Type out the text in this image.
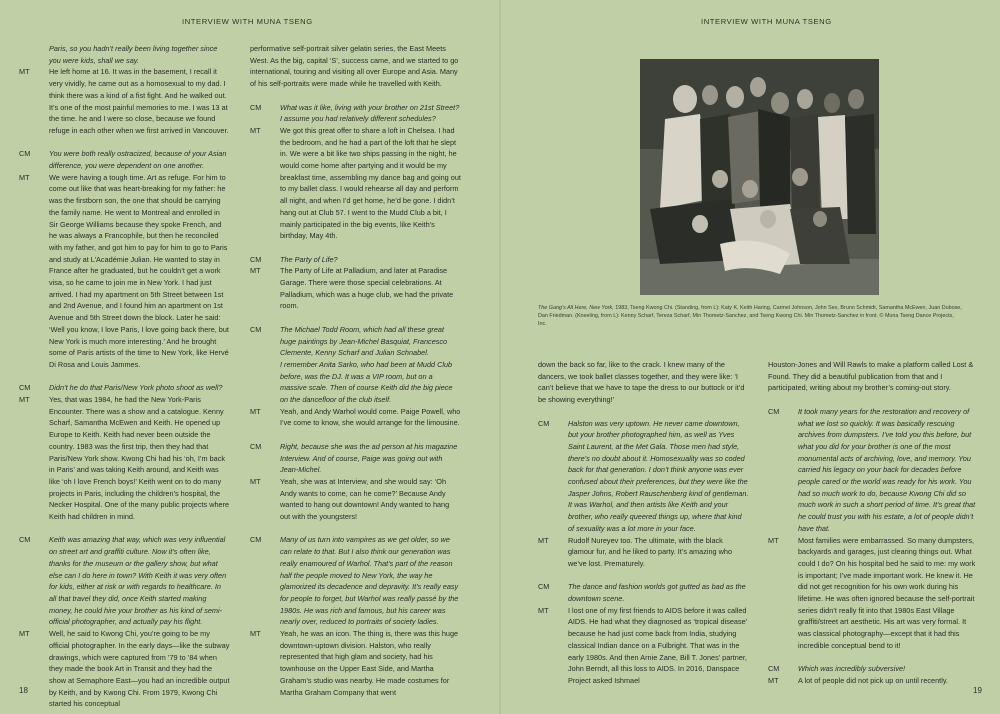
INTERVIEW WITH MUNA TSENG

Paris, so you hadn’t really been living together since you were kids, shall we say.

MT	He left home at 16. It was in the basement, I recall it very vividly, he came out as a homosexual to my dad. I think there was a kind of a fist fight. And he walked out. It’s one of the most painful memories to me. I was 13 at the time. he and I were so close, because we found refuge in each other when we first arrived in Vancouver.
CM	You were both really ostracized, because of your Asian difference, you were dependent on one another.
MT	We were having a tough time. Art as refuge. For him to come out like that was heart-breaking for my father: he was the firstborn son, the one that should be carrying the family name. He went to Montreal and enrolled in Sir George Williams because they spoke French, and he was always a Francophile, but then he reconciled with my father, and got him to pay for him to go to Paris and study at L’Académie Julian. He wanted to stay in France after he graduated, but he couldn’t get a work visa, so he came to join me in New York. I had just arrived. I had my apartment on 5th Street between 1st and 2nd Avenue, and I found him an apartment on 1st Avenue and 5th Street down the block. Later he said: ‘Well you know, I love Paris, I love going back there, but New York is much more interesting.’ And he brought some of Paris artists of the time to New York, like Hervé Di Rosa and Louis Jammes.
CM	Didn’t he do that Paris/New York photo shoot as well?
MT	Yes, that was 1984, he had the New York-Paris Encounter. There was a show and a catalogue. Kenny Scharf, Samantha McEwen and Keith. He opened up Europe to Keith. Keith had never been outside the country. 1983 was the first trip, then they had that Paris/New York show. Kwong Chi had his ‘oh, I’m back in Paris’ and was taking Keith around, and Keith was like ‘oh I love French boys!’ Keith went on to do many projects in Paris, including the children’s hospital, the Necker Hospital. One of the many public projects where Keith had children in mind.
CM	Keith was amazing that way, which was very influential on street art and graffiti culture. Now it’s often like, thanks for the museum or the gallery show, but what else can I do here in town? With Keith it was very often for kids, either at risk or with regards to healthcare. In all that travel they did, once Keith started making money, he could hire your brother as his kind of semi-official photographer, and actually pay his flight.
MT	Well, he said to Kwong Chi, you’re going to be my official photographer. In the early days—like the subway drawings, which were captured from ’79 to ’84 when they made the book Art in Transit and they had the show at Semaphore East—you had an incredible output by Keith, and by Kwong Chi. From 1979, Kwong Chi started his conceptual

performative self-portrait silver gelatin series, the East Meets West. As the big, capital ‘S’, success came, and we started to go international, touring and visiting all over Europe and Asia. Many of his self-portraits were made while he travelled with Keith.

CM	What was it like, living with your brother on 21st Street? I assume you had relatively different schedules?
MT	We got this great offer to share a loft in Chelsea. I had the bedroom, and he had a part of the loft that he slept in. We were a bit like two ships passing in the night, he would come home after partying and it would be my breakfast time, assembling my dance bag and going out to my ballet class. I would rehearse all day and perform all night, and when I’d get home, he’d be gone. I didn’t hang out at Club 57. I went to the Mudd Club a bit, I mainly participated in the big events, like Keith’s birthday, May 4th.
CM	The Party of Life?
MT	The Party of Life at Palladium, and later at Paradise Garage. There were those special celebrations. At Palladium, which was a huge club, we had the private room.
CM	The Michael Todd Room, which had all these great huge paintings by Jean-Michel Basquiat, Francesco Clemente, Kenny Scharf and Julian Schnabel.

I remember Anita Sarko, who had been at Mudd Club before, was the DJ. It was a VIP room, but on a massive scale. Then of course Keith did the big piece on the dancefloor of the club itself.

MT	Yeah, and Andy Warhol would come. Paige Powell, who I’ve come to know, she would arrange for the limousine.
CM	Right, because she was the ad person at his magazine Interview. And of course, Paige was going out with Jean-Michel.
MT	Yeah, she was at Interview, and she would say: ‘Oh Andy wants to come, can he come?’ Because Andy wanted to hang out downtown! Andy wanted to hang out with the youngsters!
CM	Many of us turn into vampires as we get older, so we can relate to that. But I also think our generation was really enamoured of Warhol. That’s part of the reason half the people moved to New York, the way he glamorized its decadence and depravity. It’s really easy for people to forget, but Warhol was really passé by the 1980s. He was rich and famous, but his career was nearly over, reduced to portraits of society ladies.
MT	Yeah, he was an icon. The thing is, there was this huge downtown-uptown division. Halston, who really represented that high glam and society, had his townhouse on the Upper East Side, and Martha Graham’s studio was nearby. He made costumes for Martha Graham Company that went
18
INTERVIEW WITH MUNA TSENG
The Gang’s All Here, New York, 1983, Tseng Kwong Chi. (Standing, from L): Katy K, Keith Haring, Carmel Johnson, John Sex, Bruno Schmidt, Samantha McEwen, Juan Dubose, Dan Friedman. (Kneeling, from L): Kenny Scharf, Tereza Scharf, Min Thometz-Sanchez, and Tseng Kwong Chi. Min Thometz-Sanchez in front. © Muna Tseng Dance Projects, Inc.

down the back so far, like to the crack. I knew many of the dancers, we took ballet classes together, and they were like: ‘I can’t believe that we have to tape the dress to our buttock or it’d be showing everything!’

CM	Halston was very uptown. He never came downtown, but your brother photographed him, as well as Yves Saint Laurent, at the Met Gala. Those men had style, there’s no doubt about it. Homosexuality was so coded back for that generation. I don’t think anyone was ever confused about their preferences, but they were like the Jasper Johns, Robert Rauschenberg kind of gentleman. It was Warhol, and then artists like Keith and your brother, who really queered things up, where that kind of sexuality was a lot more in your face.
MT	Rudolf Nureyev too. The ultimate, with the black glamour fur, and he liked to party. It’s amazing who we’ve lost. Prematurely.
CM	The dance and fashion worlds got gutted as bad as the downtown scene.
MT	I lost one of my first friends to AIDS before it was called AIDS. He had what they diagnosed as ‘tropical disease’ because he had just come back from India, studying classical Indian dance on a Fulbright. That was in the early 1980s. And then Arnie Zane, Bill T. Jones’ partner, John Berndt, all this loss to AIDS. In 2016, Danspace Project asked Ishmael

Houston-Jones and Will Rawls to make a platform called Lost & Found. They did a beautiful publication from that and I participated, writing about my brother’s coming-out story.

CM	It took many years for the restoration and recovery of what we lost so quickly. It was basically rescuing archives from dumpsters. I’ve told you this before, but what you did for your brother is one of the most monumental acts of archiving, love, and memory. You carried his legacy on your back for decades before people cared or the world was ready for his work. You had so much work to do, because Kwong Chi did so much work in such a short period of time. It’s great that he could trust you with his estate, a lot of people didn’t have that.
MT	Most families were embarrassed. So many dumpsters, backyards and garages, just clearing things out. What could I do? On his hospital bed he said to me: my work is important; I’ve made important work. He knew it. He did not get recognition for his own work during his lifetime. He was often ignored because the self-portrait series didn’t really fit into that 1980s East Village graffiti/street art aesthetic. His art was very formal. It was classical photography—except that it had this incredible conceptual bend to it!
CM	Which was incredibly subversive!
MT	A lot of people did not pick up on until recently.
19
